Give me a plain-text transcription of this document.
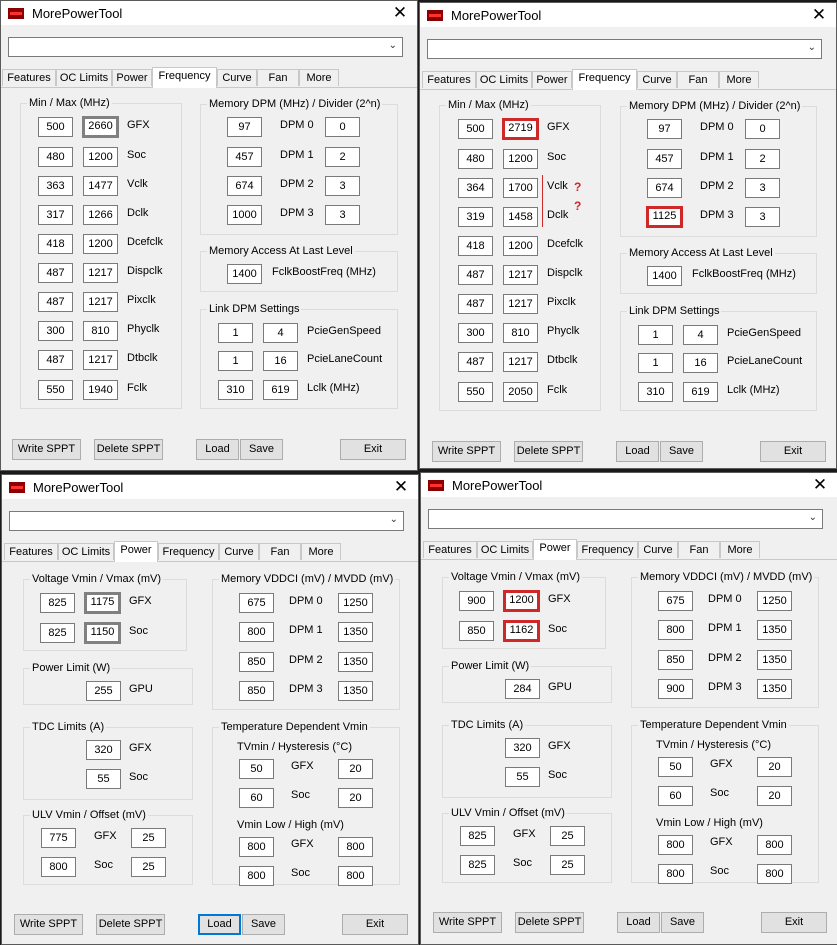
MorePowerTool	✕
⌄
Features OC Limits Power Frequency	Curve	Fan	More
Min / Max (MHz)
500	2660	GFX
480	1200	Soc
363	1477	Vclk
317	1266	Dclk
418	1200	Dcefclk
487	1217	Dispclk
487	1217	Pixclk
300	810	Phyclk
487	1217	Dtbclk
550	1940	Fclk
Memory DPM (MHz) / Divider (2^n)
97	DPM 0	0
457	DPM 1	2
674	DPM 2	3
1000	DPM 3	3
Memory Access At Last Level
1400	FclkBoostFreq (MHz)
Link DPM Settings
1	4	PcieGenSpeed
1	16	PcieLaneCount
310	619	Lclk (MHz)
Write SPPT	Delete SPPT	Load	Save	Exit
MorePowerTool	✕
⌄
Features OC Limits Power Frequency	Curve	Fan	More
Min / Max (MHz)
500	2719	GFX
480	1200	Soc
364	1700	Vclk
319	1458	Dclk
?
?
418	1200	Dcefclk
487	1217	Dispclk
487	1217	Pixclk
300	810	Phyclk
487	1217	Dtbclk
550	2050	Fclk
Memory DPM (MHz) / Divider (2^n)
97	DPM 0	0
457	DPM 1	2
674	DPM 2	3
1125	DPM 3	3
Memory Access At Last Level
1400	FclkBoostFreq (MHz)
Link DPM Settings
1	4	PcieGenSpeed
1	16	PcieLaneCount
310	619	Lclk (MHz)
Write SPPT	Delete SPPT	Load	Save	Exit
MorePowerTool	✕
⌄
Features OC Limits Power Frequency Curve	Fan	More
Voltage Vmin / Vmax (mV)
825	1175	GFX
825	1150	Soc
Power Limit (W)
255	GPU
TDC Limits (A)
320	GFX
55	Soc
ULV Vmin / Offset (mV)
775	GFX	25
800	Soc	25
Memory VDDCI (mV) / MVDD (mV)
675	DPM 0	1250
800	DPM 1	1350
850	DPM 2	1350
850	DPM 3	1350
Temperature Dependent Vmin
TVmin / Hysteresis (°C)
50	GFX	20
60	Soc	20
Vmin Low / High (mV)
800	GFX	800
800	Soc	800
Write SPPT	Delete SPPT	Load	Save	Exit
MorePowerTool	✕
⌄
Features OC Limits Power Frequency Curve	Fan	More
Voltage Vmin / Vmax (mV)
900	1200	GFX
850	1162	Soc
Power Limit (W)
284	GPU
TDC Limits (A)
320	GFX
55	Soc
ULV Vmin / Offset (mV)
825	GFX	25
825	Soc	25
Memory VDDCI (mV) / MVDD (mV)
675	DPM 0	1250
800	DPM 1	1350
850	DPM 2	1350
900	DPM 3	1350
Temperature Dependent Vmin
TVmin / Hysteresis (°C)
50	GFX	20
60	Soc	20
Vmin Low / High (mV)
800	GFX	800
800	Soc	800
Write SPPT	Delete SPPT	Load	Save	Exit
